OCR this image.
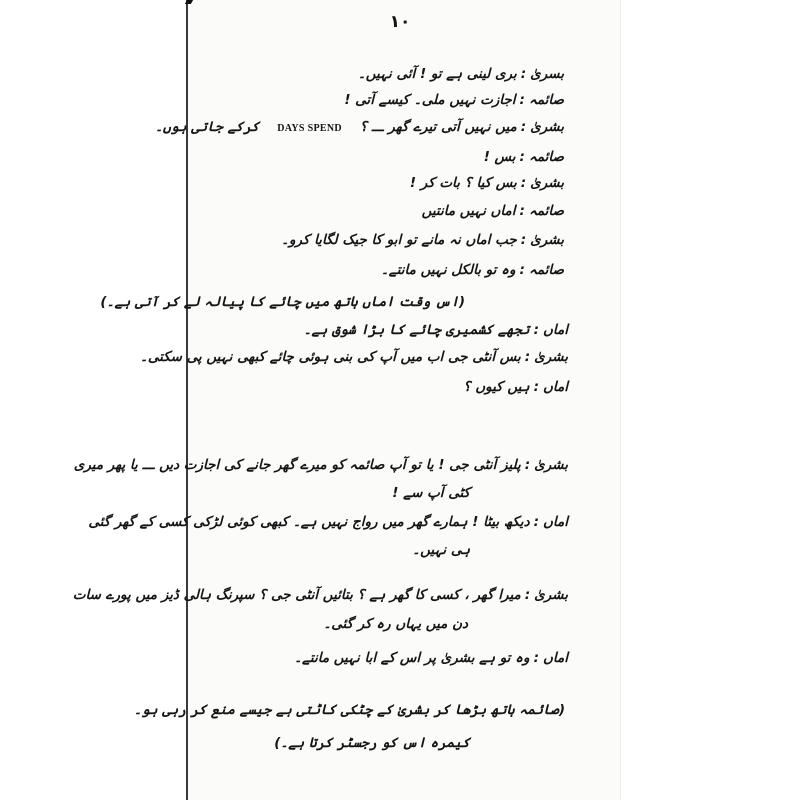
۱۰
بسریٰ:بری لینی ہے تو ! آئی نہیں۔
صائمہ:اجازت نہیں ملی۔ کیسے آتی !
بشریٰ:میں نہیں آتی تیرے گھر ـــ ؟DAYS SPENDکرکے جاتی ہوں۔
صائمہ:بس !
بشریٰ:بس کیا ؟ بات کر !
صائمہ:اماں نہیں مانتیں
بشریٰ:جب اماں نہ مانے تو ابو کا جیک لگایا کرو۔
صائمہ:وہ تو بالکل نہیں مانتے۔
(اس وقت اماں ہاتھ میں چائے کا پیالہ لے کر آتی ہے۔)
اماں:تجھے کشمیری چائے کا بڑا شوق ہے۔
بشریٰ:بس آنٹی جی اب میں آپ کی بنی ہوئی چائے کبھی نہیں پی سکتی۔
اماں:ہیں کیوں ؟
بشریٰ:پلیز آنٹی جی ! یا تو آپ صائمہ کو میرے گھر جانے کی اجازت دیں ـــ یا پھر میری
کٹی آپ سے !
اماں:دیکھ بیٹا ! ہمارے گھر میں رواج نہیں ہے۔ کبھی کوئی لڑکی کسی کے گھر گئی
ہی نہیں۔
بشریٰ:میرا گھر ، کسی کا گھر ہے ؟ بتائیں آنٹی جی ؟ سپرنگ ہالی ڈیز میں پورے سات
دن میں یہاں رہ کر گئی۔
اماں:وہ تو ہے بشریٰ پر اس کے ابا نہیں مانتے۔
(صائمہ ہاتھ بڑھا کر بشریٰ کے چٹکی کاٹتی ہے جیسے منع کر رہی ہو۔
کیمرہ اس کو رجسٹر کرتا ہے۔)
